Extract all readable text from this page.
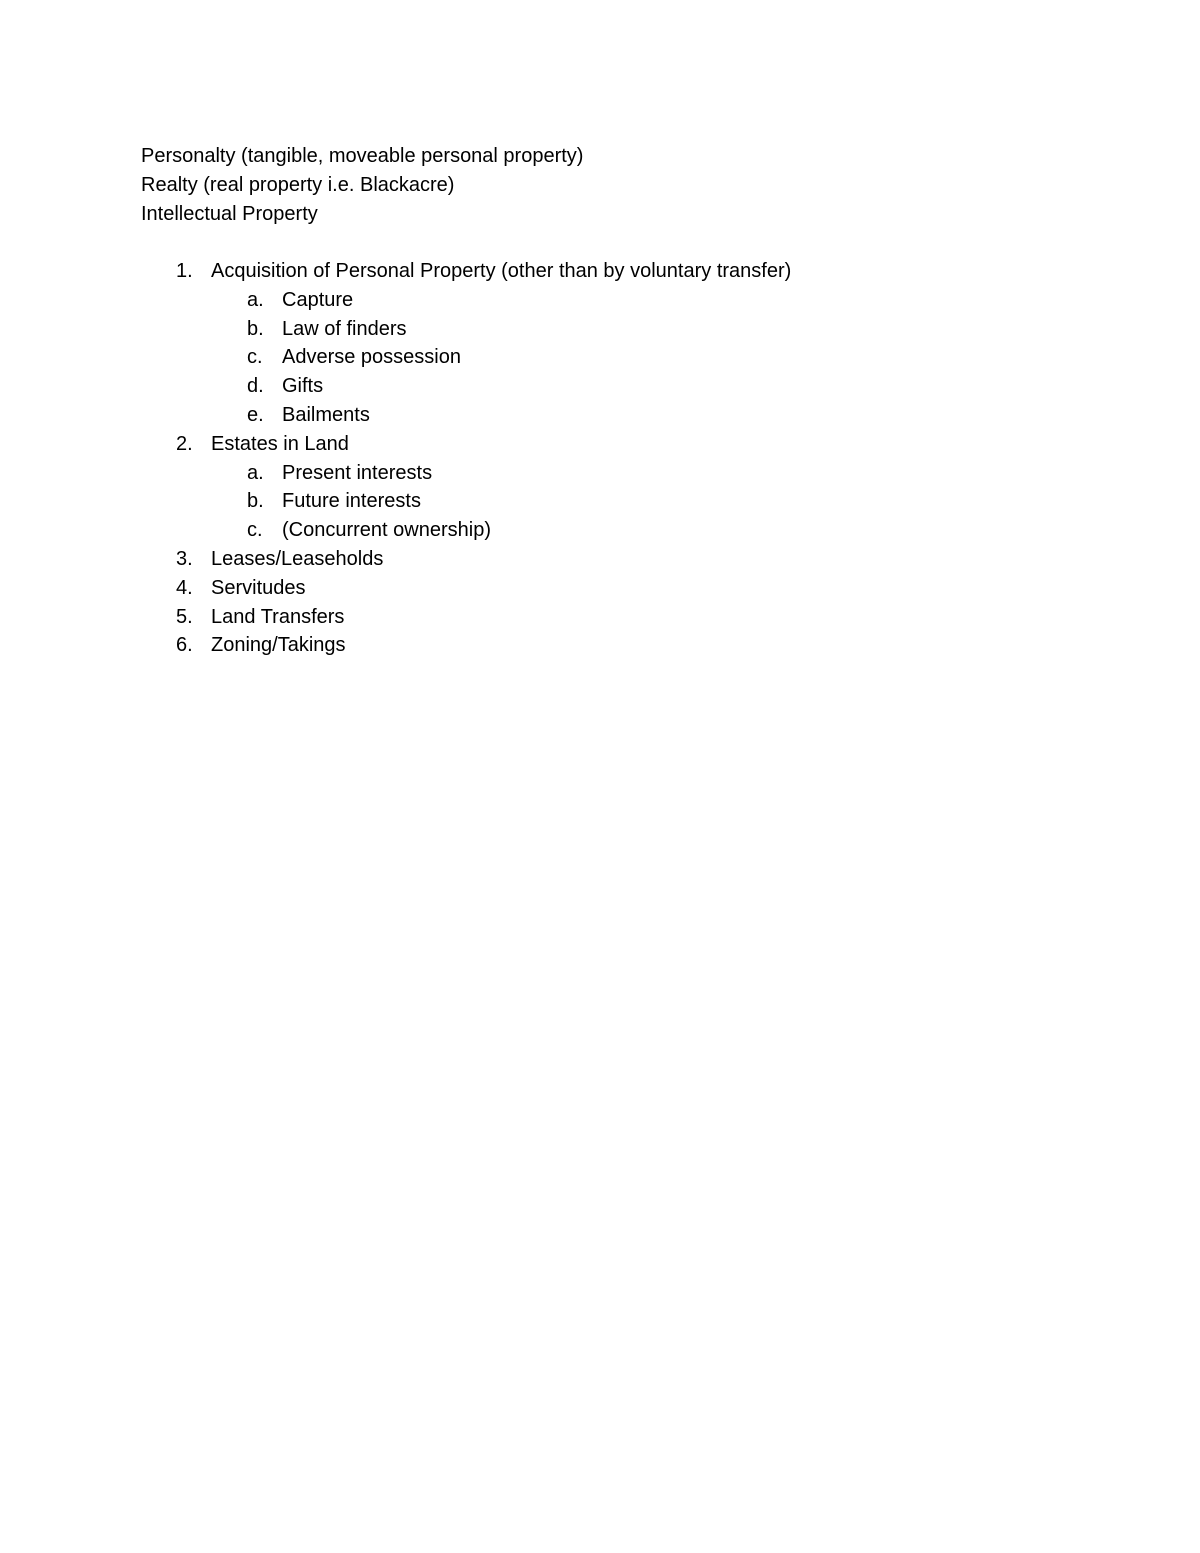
Personalty (tangible, moveable personal property)
Realty (real property i.e. Blackacre)
Intellectual Property
1. Acquisition of Personal Property (other than by voluntary transfer)
a. Capture
b. Law of finders
c. Adverse possession
d. Gifts
e. Bailments
2. Estates in Land
a. Present interests
b. Future interests
c. (Concurrent ownership)
3. Leases/Leaseholds
4. Servitudes
5. Land Transfers
6. Zoning/Takings
